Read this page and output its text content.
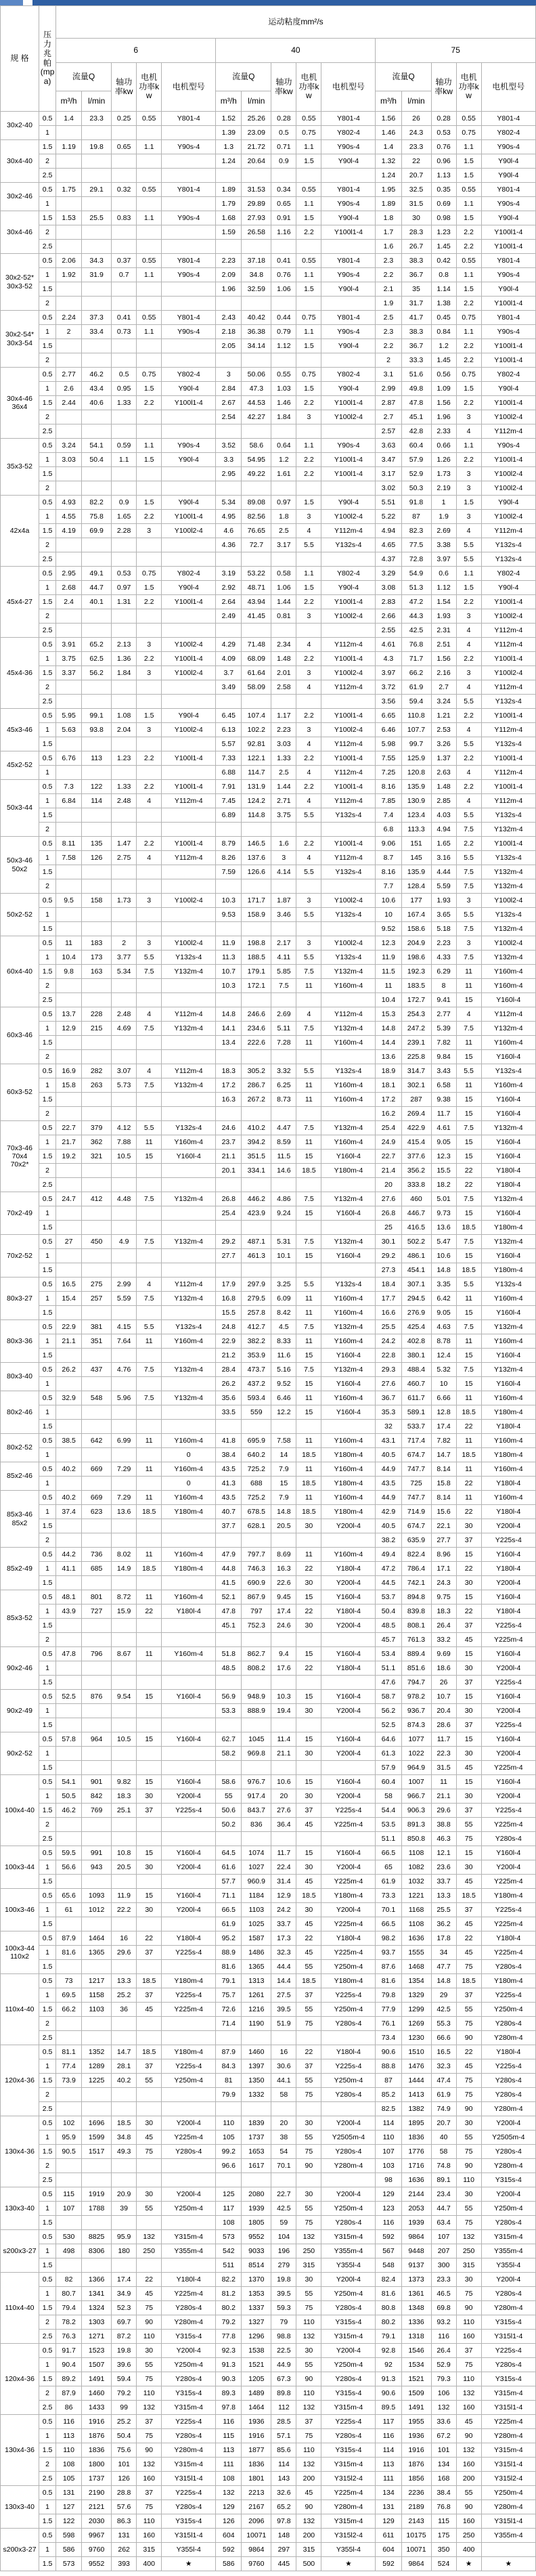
规 格	压力兆帕(mpa)	运动粘度mm²/s														
		6					40					75				
		流量Q		轴功率kw	电机功率kw	电机型号	流量Q		轴功率kw	电机功率kw	电机型号	流量Q		轴功率kw	电机功率kw	电机型号
		m³/h	l/min				m³/h	l/min				m³/h	l/min			

30x2-40	0.5	1.4	23.3	0.25	0.55	Y801-4	1.52	25.26	0.28	0.55	Y801-4	1.56	26	0.28	0.55	Y801-4
	1						1.39	23.09	0.5	0.75	Y802-4	1.46	24.3	0.53	0.75	Y802-4

30x4-40	1.5	1.19	19.8	0.65	1.1	Y90s-4	1.3	21.72	0.71	1.1	Y90s-4	1.4	23.3	0.76	1.1	Y90s-4
	2						1.24	20.64	0.9	1.5	Y90l-4	1.32	22	0.96	1.5	Y90l-4
	2.5											1.24	20.7	1.13	1.5	Y90l-4

30x2-46	0.5	1.75	29.1	0.32	0.55	Y801-4	1.89	31.53	0.34	0.55	Y801-4	1.95	32.5	0.35	0.55	Y801-4
	1						1.79	29.89	0.65	1.1	Y90s-4	1.89	31.5	0.69	1.1	Y90s-4

30x4-46	1.5	1.53	25.5	0.83	1.1	Y90s-4	1.68	27.93	0.91	1.5	Y90l-4	1.8	30	0.98	1.5	Y90l-4
	2						1.59	26.58	1.16	2.2	Y100l1-4	1.7	28.3	1.23	2.2	Y100l1-4
	2.5											1.6	26.7	1.45	2.2	Y100l1-4

30x2-52*
30x3-52	0.5	2.06	34.3	0.37	0.55	Y801-4	2.23	37.18	0.41	0.55	Y801-4	2.3	38.3	0.42	0.55	Y801-4
	1	1.92	31.9	0.7	1.1	Y90s-4	2.09	34.8	0.76	1.1	Y90s-4	2.2	36.7	0.8	1.1	Y90s-4
	1.5						1.96	32.59	1.06	1.5	Y90l-4	2.1	35	1.14	1.5	Y90l-4
	2											1.9	31.7	1.38	2.2	Y100l1-4

30x2-54*
30x3-54	0.5	2.24	37.3	0.41	0.55	Y801-4	2.43	40.42	0.44	0.75	Y801-4	2.5	41.7	0.45	0.75	Y801-4
	1	2	33.4	0.73	1.1	Y90s-4	2.18	36.38	0.79	1.1	Y90s-4	2.3	38.3	0.84	1.1	Y90s-4
	1.5						2.05	34.14	1.12	1.5	Y90l-4	2.2	36.7	1.2	2.2	Y100l1-4
	2											2	33.3	1.45	2.2	Y100l1-4

30x4-46
36x4	0.5	2.77	46.2	0.5	0.75	Y802-4	3	50.06	0.55	0.75	Y802-4	3.1	51.6	0.56	0.75	Y802-4
	1	2.6	43.4	0.95	1.5	Y90l-4	2.84	47.3	1.03	1.5	Y90l-4	2.99	49.8	1.09	1.5	Y90l-4
	1.5	2.44	40.6	1.33	2.2	Y100l1-4	2.67	44.53	1.46	2.2	Y100l1-4	2.87	47.8	1.56	2.2	Y100l1-4
	2						2.54	42.27	1.84	3	Y100l2-4	2.7	45.1	1.96	3	Y100l2-4
	2.5											2.57	42.8	2.33	4	Y112m-4

35x3-52	0.5	3.24	54.1	0.59	1.1	Y90s-4	3.52	58.6	0.64	1.1	Y90s-4	3.63	60.4	0.66	1.1	Y90s-4
	1	3.03	50.4	1.1	1.5	Y90l-4	3.3	54.95	1.2	2.2	Y100l1-4	3.47	57.9	1.26	2.2	Y100l1-4
	1.5						2.95	49.22	1.61	2.2	Y100l1-4	3.17	52.9	1.73	3	Y100l2-4
	2											3.02	50.3	2.19	3	Y100l2-4

42x4a	0.5	4.93	82.2	0.9	1.5	Y90l-4	5.34	89.08	0.97	1.5	Y90l-4	5.51	91.8	1	1.5	Y90l-4
	1	4.55	75.8	1.65	2.2	Y100l1-4	4.95	82.56	1.8	3	Y100l2-4	5.22	87	1.9	3	Y100l2-4
	1.5	4.19	69.9	2.28	3	Y100l2-4	4.6	76.65	2.5	4	Y112m-4	4.94	82.3	2.69	4	Y112m-4
	2						4.36	72.7	3.17	5.5	Y132s-4	4.65	77.5	3.38	5.5	Y132s-4
	2.5											4.37	72.8	3.97	5.5	Y132s-4

45x4-27	0.5	2.95	49.1	0.53	0.75	Y802-4	3.19	53.22	0.58	1.1	Y802-4	3.29	54.9	0.6	1.1	Y802-4
	1	2.68	44.7	0.97	1.5	Y90l-4	2.92	48.71	1.06	1.5	Y90l-4	3.08	51.3	1.12	1.5	Y90l-4
	1.5	2.4	40.1	1.31	2.2	Y100l1-4	2.64	43.94	1.44	2.2	Y100l1-4	2.83	47.2	1.54	2.2	Y100l1-4
	2						2.49	41.45	0.81	3	Y100l2-4	2.66	44.3	1.93	3	Y100l2-4
	2.5											2.55	42.5	2.31	4	Y112m-4

45x4-36	0.5	3.91	65.2	2.13	3	Y100l2-4	4.29	71.48	2.34	4	Y112m-4	4.61	76.8	2.51	4	Y112m-4
	1	3.75	62.5	1.36	2.2	Y100l1-4	4.09	68.09	1.48	2.2	Y100l1-4	4.3	71.7	1.56	2.2	Y100l1-4
	1.5	3.37	56.2	1.84	3	Y100l2-4	3.7	61.64	2.01	3	Y100l2-4	3.97	66.2	2.16	3	Y100l2-4
	2						3.49	58.09	2.58	4	Y112m-4	3.72	61.9	2.7	4	Y112m-4
	2.5											3.56	59.4	3.24	5.5	Y132s-4

45x3-46	0.5	5.95	99.1	1.08	1.5	Y90l-4	6.45	107.4	1.17	2.2	Y100l1-4	6.65	110.8	1.21	2.2	Y100l1-4
	1	5.63	93.8	2.04	3	Y100l2-4	6.13	102.2	2.23	3	Y100l2-4	6.46	107.7	2.53	4	Y112m-4
	1.5						5.57	92.81	3.03	4	Y112m-4	5.98	99.7	3.26	5.5	Y132s-4

45x2-52	0.5	6.76	113	1.23	2.2	Y100l1-4	7.33	122.1	1.33	2.2	Y100l1-4	7.55	125.9	1.37	2.2	Y100l1-4
	1						6.88	114.7	2.5	4	Y112m-4	7.25	120.8	2.63	4	Y112m-4

50x3-44	0.5	7.3	122	1.33	2.2	Y100l1-4	7.91	131.9	1.44	2.2	Y100l1-4	8.16	135.9	1.48	2.2	Y100l1-4
	1	6.84	114	2.48	4	Y112m-4	7.45	124.2	2.71	4	Y112m-4	7.85	130.9	2.85	4	Y112m-4
	1.5						6.89	114.8	3.75	5.5	Y132s-4	7.4	123.4	4.03	5.5	Y132s-4
	2											6.8	113.3	4.94	7.5	Y132m-4

50x3-46
50x2	0.5	8.11	135	1.47	2.2	Y100l1-4	8.79	146.5	1.6	2.2	Y100l1-4	9.06	151	1.65	2.2	Y100l1-4
	1	7.58	126	2.75	4	Y112m-4	8.26	137.6	3	4	Y112m-4	8.7	145	3.16	5.5	Y132s-4
	1.5						7.59	126.6	4.14	5.5	Y132s-4	8.16	135.9	4.44	7.5	Y132m-4
	2											7.7	128.4	5.59	7.5	Y132m-4

50x2-52	0.5	9.5	158	1.73	3	Y100l2-4	10.3	171.7	1.87	3	Y100l2-4	10.6	177	1.93	3	Y100l2-4
	1						9.53	158.9	3.46	5.5	Y132s-4	10	167.4	3.65	5.5	Y132s-4
	1.5											9.52	158.6	5.18	7.5	Y132m-4

60x4-40	0.5	11	183	2	3	Y100l2-4	11.9	198.8	2.17	3	Y100l2-4	12.3	204.9	2.23	3	Y100l2-4
	1	10.4	173	3.77	5.5	Y132s-4	11.3	188.5	4.11	5.5	Y132s-4	11.9	198.6	4.33	7.5	Y132m-4
	1.5	9.8	163	5.34	7.5	Y132m-4	10.7	179.1	5.85	7.5	Y132m-4	11.5	192.3	6.29	11	Y160m-4
	2						10.3	172.1	7.5	11	Y160m-4	11	183.5	8	11	Y160m-4
	2.5											10.4	172.7	9.41	15	Y160l-4

60x3-46	0.5	13.7	228	2.48	4	Y112m-4	14.8	246.6	2.69	4	Y112m-4	15.3	254.3	2.77	4	Y112m-4
	1	12.9	215	4.69	7.5	Y132m-4	14.1	234.6	5.11	7.5	Y132m-4	14.8	247.2	5.39	7.5	Y132m-4
	1.5						13.4	222.6	7.28	11	Y160m-4	14.4	239.1	7.82	11	Y160m-4
	2											13.6	225.8	9.84	15	Y160l-4

60x3-52	0.5	16.9	282	3.07	4	Y112m-4	18.3	305.2	3.32	5.5	Y132s-4	18.9	314.7	3.43	5.5	Y132s-4
	1	15.8	263	5.73	7.5	Y132m-4	17.2	286.7	6.25	11	Y160m-4	18.1	302.1	6.58	11	Y160m-4
	1.5						16.3	267.2	8.73	11	Y160m-4	17.2	287	9.38	15	Y160l-4
	2											16.2	269.4	11.7	15	Y160l-4

70x3-46
70x4
70x2*	0.5	22.7	379	4.12	5.5	Y132s-4	24.6	410.2	4.47	7.5	Y132m-4	25.4	422.9	4.61	7.5	Y132m-4
	1	21.7	362	7.88	11	Y160m-4	23.7	394.2	8.59	11	Y160m-4	24.9	415.4	9.05	15	Y160l-4
	1.5	19.2	321	10.5	15	Y160l-4	21.1	351.5	11.5	15	Y160l-4	22.7	377.6	12.3	15	Y160l-4
	2						20.1	334.1	14.6	18.5	Y180m-4	21.4	356.2	15.5	22	Y180l-4
	2.5											20	333.8	18.2	22	Y180l-4

70x2-49	0.5	24.7	412	4.48	7.5	Y132m-4	26.8	446.2	4.86	7.5	Y132m-4	27.6	460	5.01	7.5	Y132m-4
	1						25.4	423.9	9.24	15	Y160l-4	26.8	446.7	9.73	15	Y160l-4
	1.5											25	416.5	13.6	18.5	Y180m-4

70x2-52	0.5	27	450	4.9	7.5	Y132m-4	29.2	487.1	5.31	7.5	Y132m-4	30.1	502.2	5.47	7.5	Y132m-4
	1						27.7	461.3	10.1	15	Y160l-4	29.2	486.1	10.6	15	Y160l-4
	1.5											27.3	454.1	14.8	18.5	Y180m-4

80x3-27	0.5	16.5	275	2.99	4	Y112m-4	17.9	297.9	3.25	5.5	Y132s-4	18.4	307.1	3.35	5.5	Y132s-4
	1	15.4	257	5.59	7.5	Y132m-4	16.8	279.5	6.09	11	Y160m-4	17.7	294.5	6.42	11	Y160m-4
	1.5						15.5	257.8	8.42	11	Y160m-4	16.6	276.9	9.05	15	Y160l-4

80x3-36	0.5	22.9	381	4.15	5.5	Y132s-4	24.8	412.7	4.5	7.5	Y132m-4	25.5	425.4	4.63	7.5	Y132m-4
	1	21.1	351	7.64	11	Y160m-4	22.9	382.2	8.33	11	Y160m-4	24.2	402.8	8.78	11	Y160m-4
	1.5						21.2	353.9	11.6	15	Y160l-4	22.8	380.1	12.4	15	Y160l-4

80x3-40	0.5	26.2	437	4.76	7.5	Y132m-4	28.4	473.7	5.16	7.5	Y132m-4	29.3	488.4	5.32	7.5	Y132m-4
	1						26.2	437.2	9.52	15	Y160l-4	27.6	460.7	10	15	Y160l-4

80x2-46	0.5	32.9	548	5.96	7.5	Y132m-4	35.6	593.4	6.46	11	Y160m-4	36.7	611.7	6.66	11	Y160m-4
	1						33.5	559	12.2	15	Y160l-4	35.3	589.1	12.8	18.5	Y180m-4
	1.5											32	533.7	17.4	22	Y180l-4

80x2-52	0.5	38.5	642	6.99	11	Y160m-4	41.8	695.9	7.58	11	Y160m-4	43.1	717.4	7.82	11	Y160m-4
	1					0	38.4	640.2	14	18.5	Y180m-4	40.5	674.7	14.7	18.5	Y180m-4

85x2-46	0.5	40.2	669	7.29	11	Y160m-4	43.5	725.2	7.9	11	Y160m-4	44.9	747.7	8.14	11	Y160m-4
	1					0	41.3	688	15	18.5	Y180m-4	43.5	725	15.8	22	Y180l-4

85x3-46
85x2	0.5	40.2	669	7.29	11	Y160m-4	43.5	725.2	7.9	11	Y160m-4	44.9	747.7	8.14	11	Y160m-4
	1	37.4	623	13.6	18.5	Y180m-4	40.7	678.5	14.8	18.5	Y180m-4	42.9	714.9	15.6	22	Y180l-4
	1.5						37.7	628.1	20.5	30	Y200l-4	40.5	674.7	22.1	30	Y200l-4
	2											38.2	635.9	27.7	37	Y225s-4

85x2-49	0.5	44.2	736	8.02	11	Y160m-4	47.9	797.7	8.69	11	Y160m-4	49.4	822.4	8.96	15	Y160l-4
	1	41.1	685	14.9	18.5	Y180m-4	44.8	746.3	16.3	22	Y180l-4	47.2	786.4	17.1	22	Y180l-4
	1.5						41.5	690.9	22.6	30	Y200l-4	44.5	742.1	24.3	30	Y200l-4

85x3-52	0.5	48.1	801	8.72	11	Y160m-4	52.1	867.9	9.45	15	Y160l-4	53.7	894.8	9.75	15	Y160l-4
	1	43.9	727	15.9	22	Y180l-4	47.8	797	17.4	22	Y180l-4	50.4	839.8	18.3	22	Y180l-4
	1.5						45.1	752.3	24.6	30	Y200l-4	48.5	808.1	26.4	37	Y225s-4
	2											45.7	761.3	33.2	45	Y225m-4

90x2-46	0.5	47.8	796	8.67	11	Y160m-4	51.8	862.7	9.4	15	Y160l-4	53.4	889.4	9.69	15	Y160l-4
	1						48.5	808.2	17.6	22	Y180l-4	51.1	851.6	18.6	30	Y200l-4
	1.5											47.6	794.7	26	37	Y225s-4

90x2-49	0.5	52.5	876	9.54	15	Y160l-4	56.9	948.9	10.3	15	Y160l-4	58.7	978.2	10.7	15	Y160l-4
	1						53.3	888.9	19.4	30	Y200l-4	56.2	936.7	20.4	30	Y200l-4
	1.5											52.5	874.3	28.6	37	Y225s-4

90x2-52	0.5	57.8	964	10.5	15	Y160l-4	62.7	1045	11.4	15	Y160l-4	64.6	1077	11.7	15	Y160l-4
	1						58.2	969.8	21.1	30	Y200l-4	61.3	1022	22.3	30	Y200l-4
	1.5											57.9	964.9	31.5	45	Y225m-4

100x4-40	0.5	54.1	901	9.82	15	Y160l-4	58.6	976.7	10.6	15	Y160l-4	60.4	1007	11	15	Y160l-4
	1	50.5	842	18.3	30	Y200l-4	55	917.4	20	30	Y200l-4	58	966.7	21.1	30	Y200l-4
	1.5	46.2	769	25.1	37	Y225s-4	50.6	843.7	27.6	37	Y225s-4	54.4	906.3	29.6	37	Y225s-4
	2						50.2	836	36.4	45	Y225m-4	53.5	891.3	38.8	55	Y225m-4
	2.5											51.1	850.8	46.3	75	Y280s-4

100x3-44	0.5	59.5	991	10.8	15	Y160l-4	64.5	1074	11.7	15	Y160l-4	66.5	1108	12.1	15	Y160l-4
	1	56.6	943	20.5	30	Y200l-4	61.6	1027	22.4	30	Y200l-4	65	1082	23.6	30	Y200l-4
	1.5						57.7	960.9	31.4	45	Y225m-4	61.9	1032	33.7	45	Y225m-4

100x3-46	0.5	65.6	1093	11.9	15	Y160l-4	71.1	1184	12.9	18.5	Y180m-4	73.3	1221	13.3	18.5	Y180m-4
	1	61	1012	22.2	30	Y200l-4	66.5	1103	24.2	30	Y200l-4	70.1	1168	25.5	37	Y225s-4
	1.5						61.9	1025	33.7	45	Y225m-4	66.5	1108	36.2	45	Y225m-4

100x3-44
110x2	0.5	87.9	1464	16	22	Y180l-4	95.2	1587	17.3	22	Y180l-4	98.2	1636	17.8	22	Y180l-4
	1	81.6	1365	29.6	37	Y225s-4	88.9	1486	32.3	45	Y225m-4	93.7	1555	34	45	Y225m-4
	1.5						81.6	1365	44.4	55	Y250m-4	87.6	1468	47.7	75	Y280s-4

110x4-40	0.5	73	1217	13.3	18.5	Y180m-4	79.1	1313	14.4	18.5	Y180m-4	81.6	1354	14.8	18.5	Y180m-4
	1	69.5	1158	25.2	37	Y225s-4	75.7	1261	27.5	37	Y225s-4	79.8	1329	29	37	Y225s-4
	1.5	66.2	1103	36	45	Y225m-4	72.6	1216	39.5	55	Y250m-4	77.9	1299	42.5	55	Y250m-4
	2						71.4	1190	51.9	75	Y280s-4	76.1	1269	55.3	75	Y280s-4
	2.5											73.4	1230	66.6	90	Y280m-4

120x4-36	0.5	81.1	1352	14.7	18.5	Y180m-4	87.9	1460	16	22	Y180l-4	90.6	1510	16.5	22	Y180l-4
	1	77.4	1289	28.1	37	Y225s-4	84.3	1397	30.6	37	Y225s-4	88.8	1476	32.3	45	Y225s-4
	1.5	73.9	1225	40.2	55	Y250m-4	81	1350	44.1	55	Y250m-4	87	1444	47.4	75	Y280s-4
	2						79.9	1332	58	75	Y280s-4	85.2	1413	61.9	75	Y280s-4
	2.5											82.5	1382	74.9	90	Y280m-4

130x4-36	0.5	102	1696	18.5	30	Y200l-4	110	1839	20	30	Y200l-4	114	1895	20.7	30	Y200l-4
	1	95.9	1599	34.8	45	Y225m-4	105	1737	38	55	Y2505m-4	110	1836	40	55	Y2505m-4
	1.5	90.5	1517	49.3	75	Y280s-4	99.2	1653	54	75	Y280s-4	107	1776	58	75	Y280s-4
	2						96.6	1617	70.1	90	Y280m-4	103	1716	74.8	90	Y280m-4
	2.5											98	1636	89.1	110	Y315s-4

130x3-40	0.5	115	1919	20.9	30	Y200l-4	125	2080	22.7	30	Y200l-4	129	2144	23.4	30	Y200l-4
	1	107	1788	39	55	Y250m-4	117	1939	42.5	55	Y250m-4	123	2053	44.7	55	Y250m-4
	1.5						108	1805	59	75	Y280s-4	116	1939	63.4	75	Y280s-4

s200x3-27	0.5	530	8825	95.9	132	Y315m-4	573	9552	104	132	Y315m-4	592	9864	107	132	Y315m-4
	1	498	8306	180	250	Y355m-4	542	9033	196	250	Y355m-4	567	9448	207	250	Y355m-4
	1.5						511	8514	279	315	Y355l-4	548	9137	300	315	Y355l-4

110x4-40	0.5	82	1366	17.4	22	Y180l-4	82.2	1370	19.8	30	Y200l-4	82.4	1373	23.3	30	Y200l-4
	1	80.7	1341	34.9	45	Y225m-4	81.2	1353	39.5	55	Y250m-4	81.6	1361	46.5	75	Y280s-4
	1.5	79.4	1324	52.3	75	Y280s-4	80.2	1337	59.3	75	Y280s-4	80.8	1348	69.8	90	Y280m-4
	2	78.2	1303	69.7	90	Y280m-4	79.2	1327	79	110	Y315s-4	80.2	1336	93.2	110	Y315s-4
	2.5	76.3	1271	87.2	110	Y315s-4	77.8	1296	98.8	132	Y315m-4	79.1	1318	116	160	Y315l1-4

120x4-36	0.5	91.7	1523	19.8	30	Y200l-4	92.3	1538	22.5	30	Y200l-4	92.8	1546	26.4	37	Y225s-4
	1	90.4	1507	39.6	55	Y250m-4	91.3	1521	44.9	55	Y250m-4	92	1534	52.9	75	Y280s-4
	1.5	89.2	1491	59.4	75	Y280s-4	90.3	1205	67.3	90	Y280s-4	91.3	1521	79.3	110	Y315s-4
	2	87.9	1460	79.2	110	Y315s-4	89.3	1489	89.8	110	Y315s-4	90.6	1509	106	132	Y315m-4
	2.5	86	1433	99	132	Y315m-4	97.8	1464	112	132	Y315m-4	89.5	1491	132	160	Y315l1-4

130x4-36	0.5	116	1916	25.2	37	Y225s-4	116	1936	28.5	37	Y225s-4	117	1955	33.6	45	Y225m-4
	1	113	1876	50.4	75	Y280s-4	115	1916	57.1	75	Y280s-4	116	1936	67.2	90	Y280m-4
	1.5	110	1836	75.6	90	Y280m-4	113	1877	85.6	110	Y315s-4	114	1916	101	132	Y315m-4
	2	108	1800	101	132	Y315m-4	111	1836	114	132	Y315m-4	113	1876	134	160	Y315l1-4
	2.5	105	1737	126	160	Y315l1-4	108	1801	143	200	Y315l2-4	111	1856	168	200	Y315l2-4

130x3-40	0.5	131	2190	28.8	37	Y225s-4	132	2213	32.6	45	Y225m-4	134	2236	38.4	55	Y250m-4
	1	127	2121	57.6	75	Y280s-4	129	2167	65.2	90	Y280m-4	131	2189	76.8	90	Y280m-4
	1.5	122	2030	86.3	110	Y315s-4	126	2096	97.8	132	Y315m-4	129	2143	115	160	Y315l1-4

s200x3-27	0.5	598	9967	131	160	Y315l1-4	604	10071	148	200	Y315l2-4	611	10175	175	250	Y355m-4
	1	586	9760	262	315	Y355l-4	592	9864	297	315	Y355l-4	604	10071	350	400	
	1.5	573	9552	393	400	★	586	9760	445	500	★	592	9864	524	★	★
